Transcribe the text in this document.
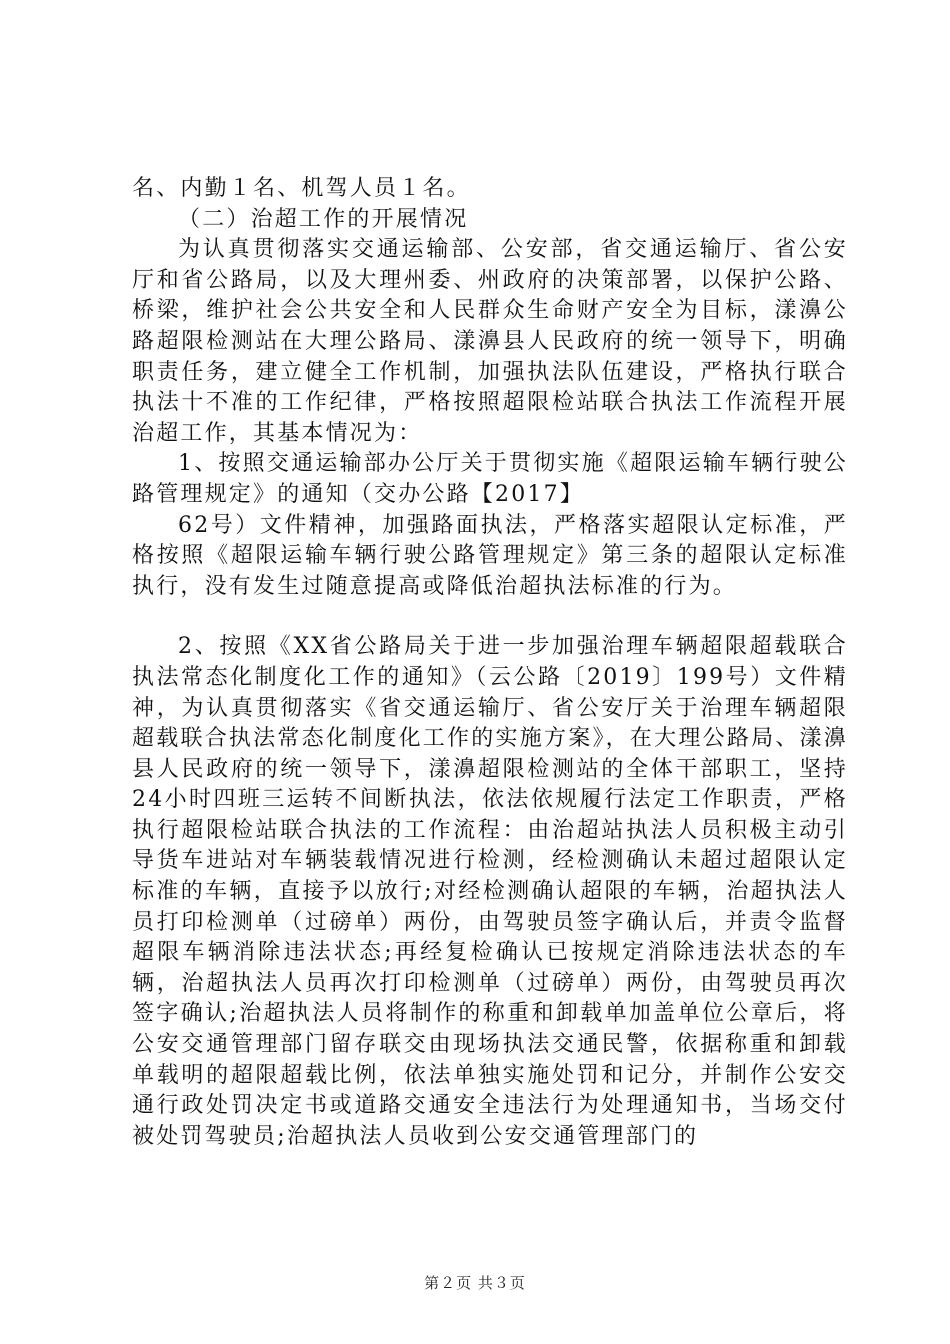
名、内勤１名、机驾人员１名。

（二）治超工作的开展情况

为认真贯彻落实交通运输部、公安部，省交通运输厅、省公安厅和省公路局，以及大理州委、州政府的决策部署，以保护公路、桥梁，维护社会公共安全和人民群众生命财产安全为目标，漾濞公路超限检测站在大理公路局、漾濞县人民政府的统一领导下，明确职责任务，建立健全工作机制，加强执法队伍建设，严格执行联合执法十不准的工作纪律，严格按照超限检站联合执法工作流程开展治超工作，其基本情况为：

1、按照交通运输部办公厅关于贯彻实施《超限运输车辆行驶公路管理规定》的通知（交办公路【2017】

62号）文件精神，加强路面执法，严格落实超限认定标准，严格按照《超限运输车辆行驶公路管理规定》第三条的超限认定标准执行，没有发生过随意提高或降低治超执法标准的行为。

2、按照《XX省公路局关于进一步加强治理车辆超限超载联合执法常态化制度化工作的通知》（云公路〔2019〕199号）文件精神，为认真贯彻落实《省交通运输厅、省公安厅关于治理车辆超限超载联合执法常态化制度化工作的实施方案》，在大理公路局、漾濞县人民政府的统一领导下，漾濞超限检测站的全体干部职工，坚持24小时四班三运转不间断执法，依法依规履行法定工作职责，严格执行超限检站联合执法的工作流程：由治超站执法人员积极主动引导货车进站对车辆装载情况进行检测，经检测确认未超过超限认定标准的车辆，直接予以放行;对经检测确认超限的车辆，治超执法人员打印检测单（过磅单）两份，由驾驶员签字确认后，并责令监督超限车辆消除违法状态;再经复检确认已按规定消除违法状态的车辆，治超执法人员再次打印检测单（过磅单）两份，由驾驶员再次签字确认;治超执法人员将制作的称重和卸载单加盖单位公章后，将公安交通管理部门留存联交由现场执法交通民警，依据称重和卸载单载明的超限超载比例，依法单独实施处罚和记分，并制作公安交通行政处罚决定书或道路交通安全违法行为处理通知书，当场交付被处罚驾驶员;治超执法人员收到公安交通管理部门的

第２页 共３页
